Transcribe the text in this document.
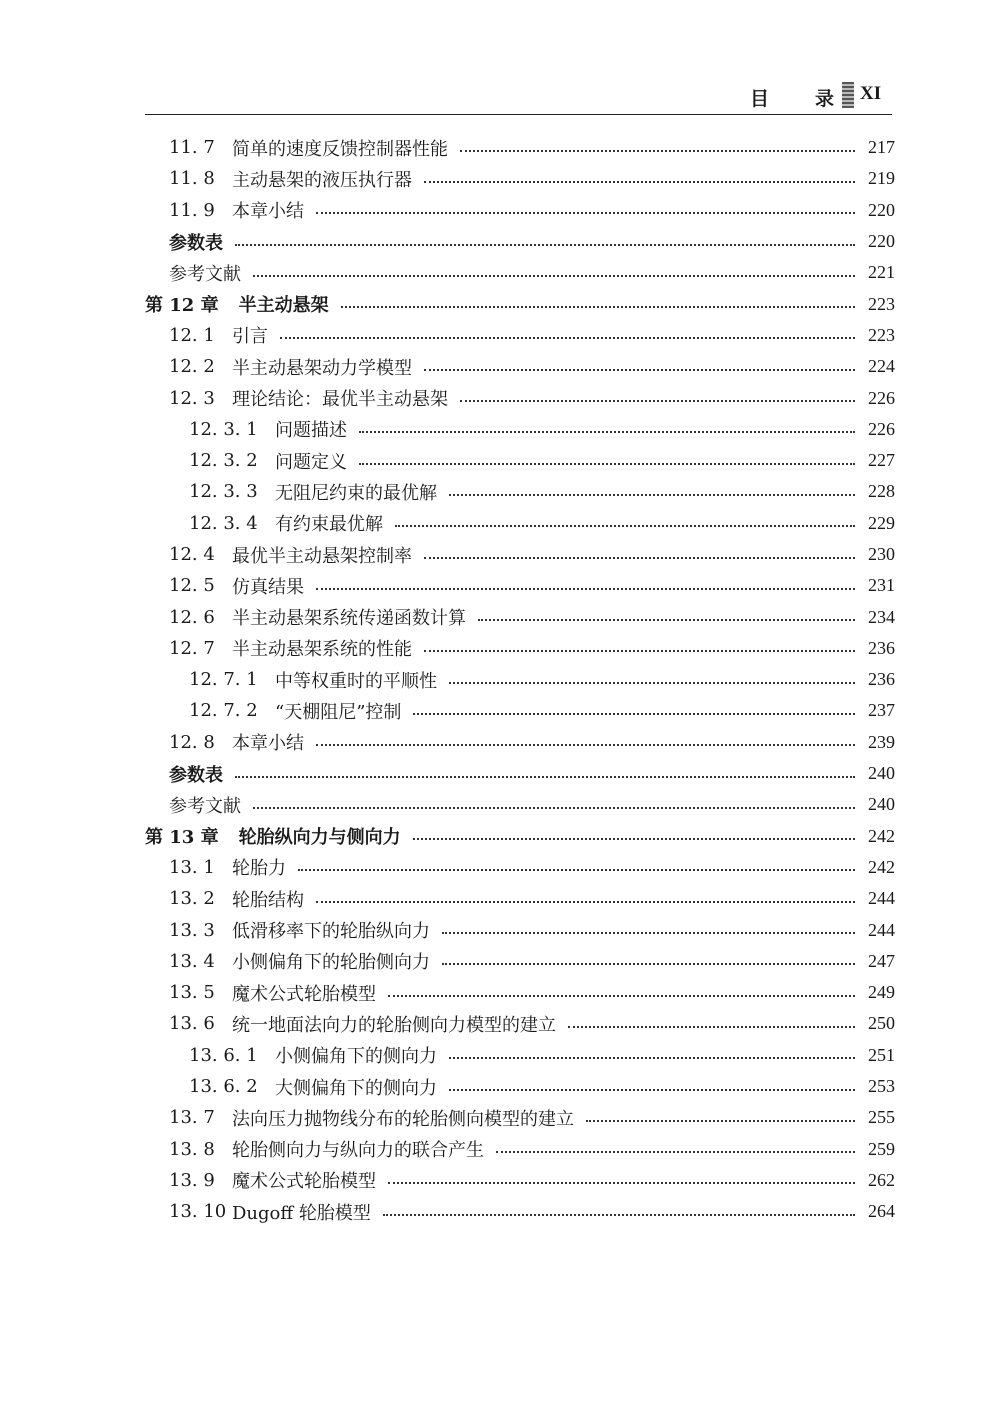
目 录 XI
11. 7 简单的速度反馈控制器性能	217
11. 8 主动悬架的液压执行器	219
11. 9 本章小结	220
参数表	220
参考文献	221
第 12 章 半主动悬架	223
12. 1 引言	223
12. 2 半主动悬架动力学模型	224
12. 3 理论结论：最优半主动悬架	226
12. 3. 1 问题描述	226
12. 3. 2 问题定义	227
12. 3. 3 无阻尼约束的最优解	228
12. 3. 4 有约束最优解	229
12. 4 最优半主动悬架控制率	230
12. 5 仿真结果	231
12. 6 半主动悬架系统传递函数计算	234
12. 7 半主动悬架系统的性能	236
12. 7. 1 中等权重时的平顺性	236
12. 7. 2 “天棚阻尼”控制	237
12. 8 本章小结	239
参数表	240
参考文献	240
第 13 章 轮胎纵向力与侧向力	242
13. 1 轮胎力	242
13. 2 轮胎结构	244
13. 3 低滑移率下的轮胎纵向力	244
13. 4 小侧偏角下的轮胎侧向力	247
13. 5 魔术公式轮胎模型	249
13. 6 统一地面法向力的轮胎侧向力模型的建立	250
13. 6. 1 小侧偏角下的侧向力	251
13. 6. 2 大侧偏角下的侧向力	253
13. 7 法向压力抛物线分布的轮胎侧向模型的建立	255
13. 8 轮胎侧向力与纵向力的联合产生	259
13. 9 魔术公式轮胎模型	262
13. 10 Dugoff 轮胎模型	264
